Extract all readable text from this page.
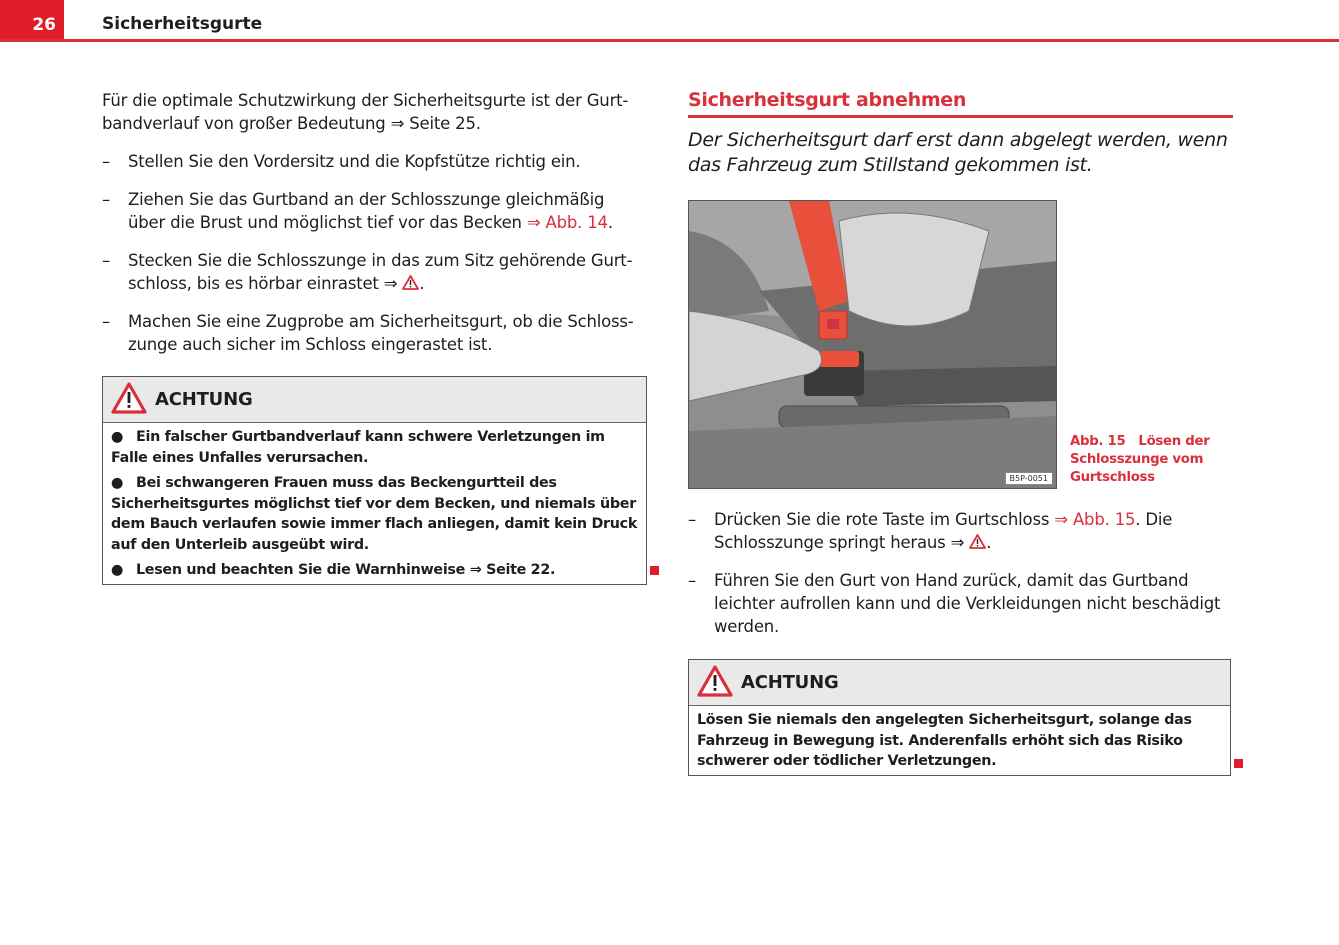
26	Sicherheitsgurte

Für die optimale Schutzwirkung der Sicherheitsgurte ist der Gurt-
bandverlauf von großer Bedeutung ⇒ Seite 25.

– Stellen Sie den Vordersitz und die Kopfstütze richtig ein.
– Ziehen Sie das Gurtband an der Schlosszunge gleichmäßig über die Brust und möglichst tief vor das Becken ⇒ Abb. 14.
– Stecken Sie die Schlosszunge in das zum Sitz gehörende Gurt-schloss, bis es hörbar einrastet ⇒ .
– Machen Sie eine Zugprobe am Sicherheitsgurt, ob die Schloss-zunge auch sicher im Schloss eingerastet ist.
ACHTUNG
● Ein falscher Gurtbandverlauf kann schwere Verletzungen im Falle eines Unfalles verursachen.
● Bei schwangeren Frauen muss das Beckengurtteil des Sicherheitsgurtes möglichst tief vor dem Becken, und niemals über dem Bauch verlaufen sowie immer flach anliegen, damit kein Druck auf den Unterleib ausgeübt wird.
● Lesen und beachten Sie die Warnhinweise ⇒ Seite 22.
Sicherheitsgurt abnehmen

Der Sicherheitsgurt darf erst dann abgelegt werden, wenn das Fahrzeug zum Stillstand gekommen ist.

B5P-0051
Abb. 15 Lösen der Schlosszunge vom Gurtschloss
– Drücken Sie die rote Taste im Gurtschloss ⇒ Abb. 15. Die Schlosszunge springt heraus ⇒ .
– Führen Sie den Gurt von Hand zurück, damit das Gurtband leichter aufrollen kann und die Verkleidungen nicht beschädigt werden.
ACHTUNG
Lösen Sie niemals den angelegten Sicherheitsgurt, solange das Fahrzeug in Bewegung ist. Anderenfalls erhöht sich das Risiko schwerer oder tödlicher Verletzungen.
